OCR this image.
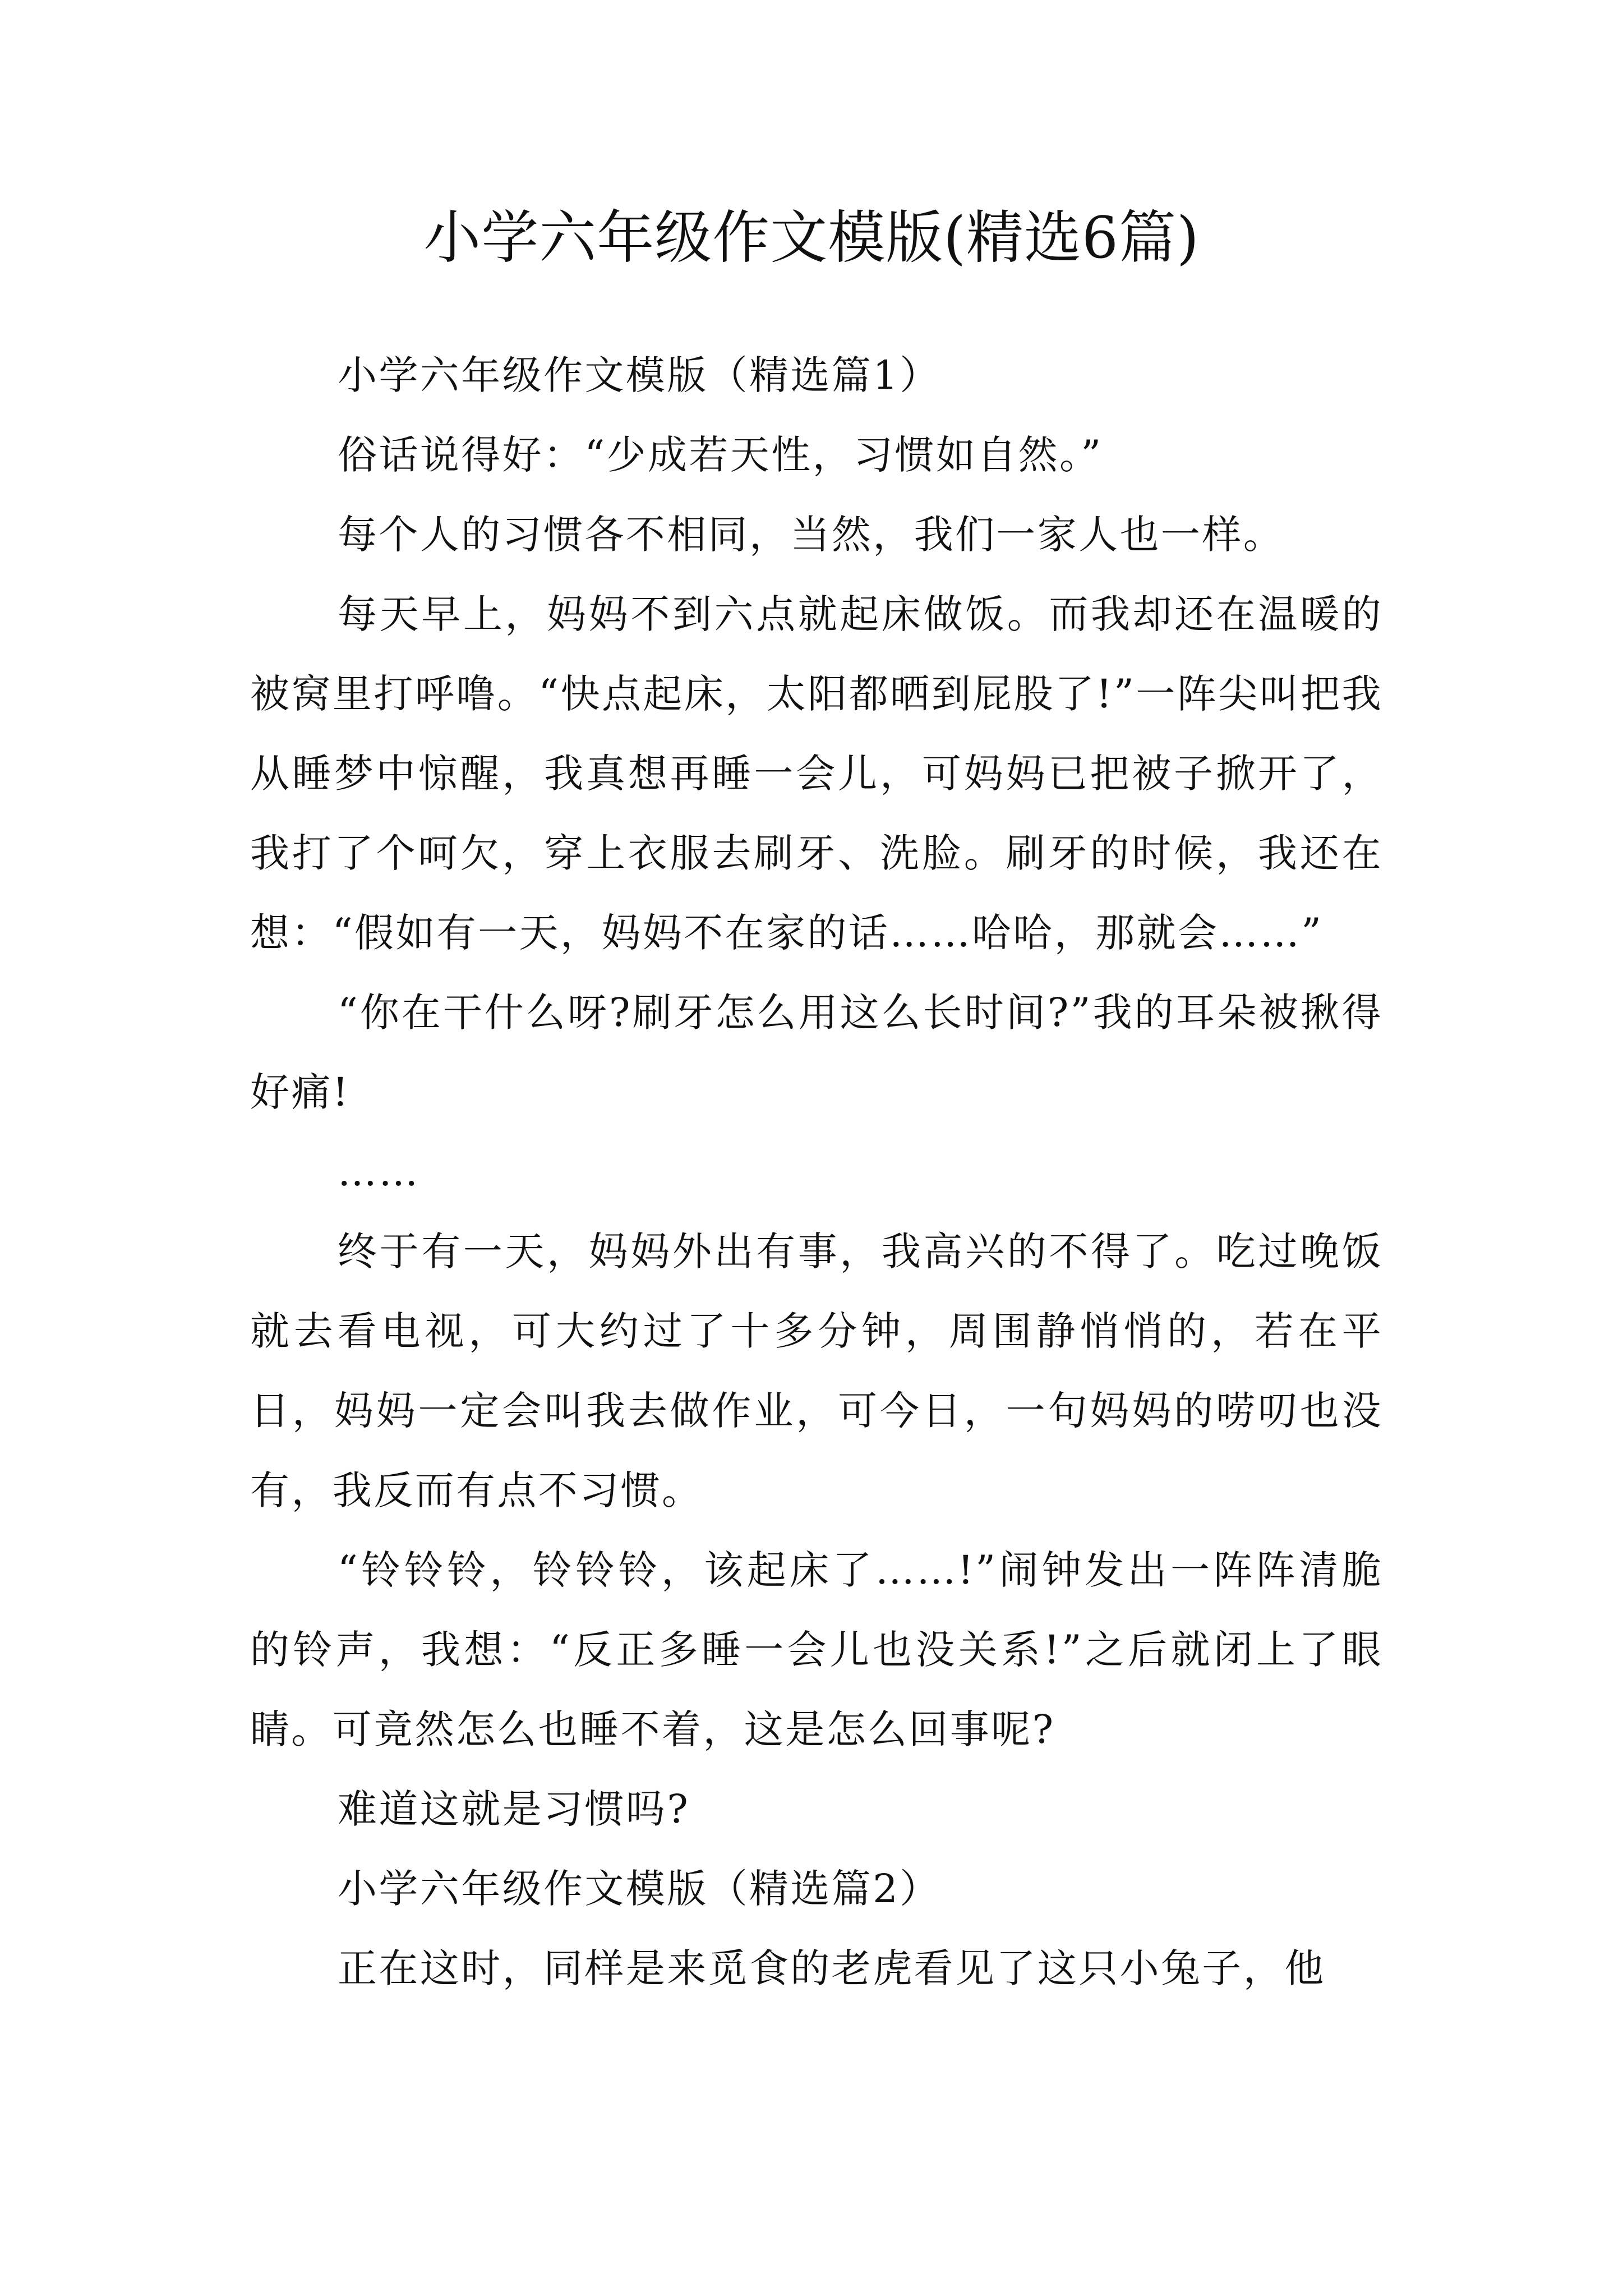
小学六年级作文模版(精选6篇)

小学六年级作文模版（精选篇1）

俗话说得好：“少成若天性，习惯如自然。”

每个人的习惯各不相同，当然，我们一家人也一样。

每天早上，妈妈不到六点就起床做饭。而我却还在温暖的被窝里打呼噜。“快点起床，太阳都晒到屁股了!”一阵尖叫把我从睡梦中惊醒，我真想再睡一会儿，可妈妈已把被子掀开了，我打了个呵欠，穿上衣服去刷牙、洗脸。刷牙的时候，我还在想：“假如有一天，妈妈不在家的话……哈哈，那就会……”

“你在干什么呀?刷牙怎么用这么长时间?”我的耳朵被揪得好痛!

……

终于有一天，妈妈外出有事，我高兴的不得了。吃过晚饭就去看电视，可大约过了十多分钟，周围静悄悄的，若在平日，妈妈一定会叫我去做作业，可今日，一句妈妈的唠叨也没有，我反而有点不习惯。

“铃铃铃，铃铃铃，该起床了……!”闹钟发出一阵阵清脆的铃声，我想：“反正多睡一会儿也没关系!”之后就闭上了眼睛。可竟然怎么也睡不着，这是怎么回事呢?

难道这就是习惯吗?

小学六年级作文模版（精选篇2）

正在这时，同样是来觅食的老虎看见了这只小兔子，他
